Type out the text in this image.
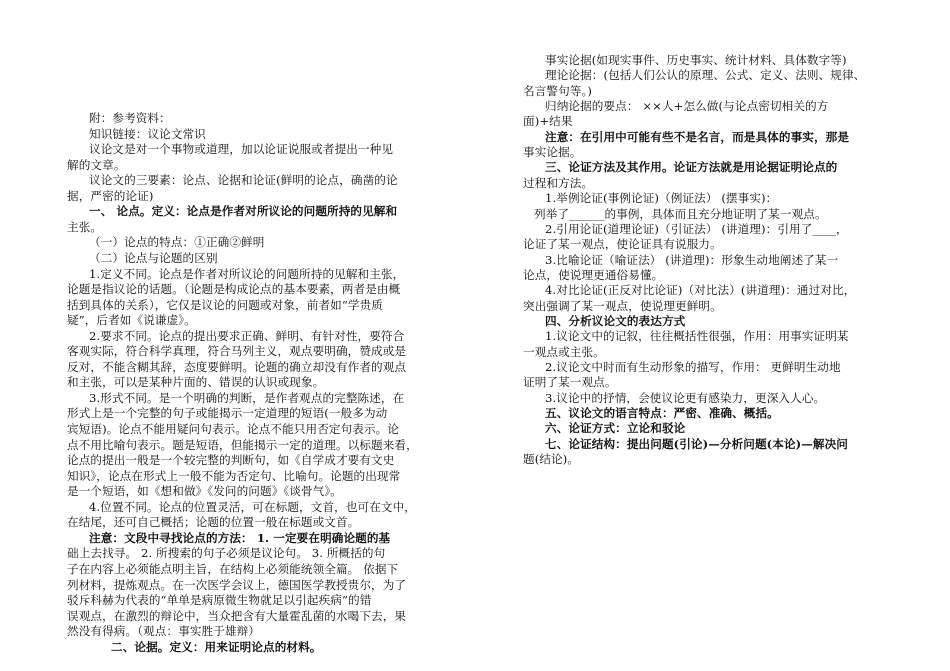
附：参考资料：
知识链接：议论文常识
议论文是对一个事物或道理，加以论证说服或者提出一种见
解的文章。
议论文的三要素：论点、论据和论证(鲜明的论点，确凿的论
据，严密的论证)
一、 论点。定义：论点是作者对所议论的问题所持的见解和
主张。
（一）论点的特点：①正确②鲜明
（二）论点与论题的区别
1.定义不同。论点是作者对所议论的问题所持的见解和主张，
论题是指议论的话题。（论题是构成论点的基本要素，两者是由概
括到具体的关系），它仅是议论的问题或对象，前者如“学贵质
疑”，后者如《说谦虚》。
2.要求不同。论点的提出要求正确、鲜明、有针对性，要符合
客观实际，符合科学真理，符合马列主义，观点要明确，赞成或是
反对，不能含糊其辞，态度要鲜明。论题的确立却没有作者的观点
和主张，可以是某种片面的、错误的认识或现象。
3.形式不同。是一个明确的判断，是作者观点的完整陈述，在
形式上是一个完整的句子或能揭示一定道理的短语(一般多为动
宾短语)。论点不能用疑问句表示。论点不能只用否定句表示。论
点不用比喻句表示。题是短语，但能揭示一定的道理。以标题来看，
论点的提出一般是一个较完整的判断句，如《自学成才要有文史
知识》，论点在形式上一般不能为否定句、比喻句。论题的出现常
是一个短语，如《想和做》《发问的问题》《谈骨气》。
4.位置不同。论点的位置灵活，可在标题，文首，也可在文中，
在结尾，还可自己概括；论题的位置一般在标题或文首。
注意：文段中寻找论点的方法： 1. 一定要在明确论题的基
础上去找寻。 2. 所搜索的句子必须是议论句。 3. 所概括的句
子在内容上必须能点明主旨，在结构上必须能统领全篇。 依据下
列材料，提炼观点。在一次医学会议上，德国医学教授贵尔，为了
驳斥科赫为代表的“单单是病原微生物就足以引起疾病”的错
误观点，在激烈的辩论中，当众把含有大量霍乱菌的水喝下去，果
然没有得病。（观点：事实胜于雄辩）
二、论据。定义：用来证明论点的材料。
事实论据(如现实事件、历史事实、统计材料、具体数字等)
理论论据：(包括人们公认的原理、公式、定义、法则、规律、
名言警句等。)
归纳论据的要点： ××人+怎么做(与论点密切相关的方
面)+结果
注意：在引用中可能有些不是名言，而是具体的事实，那是
事实论据。
三、论证方法及其作用。论证方法就是用论据证明论点的
过程和方法。
1.举例论证(事例论证)（例证法） (摆事实)：
列举了______的事例，具体而且充分地证明了某一观点。
2.引用论证(道理论证)（引证法） (讲道理)：引用了____，
论证了某一观点，使论证具有说服力。
3.比喻论证（喻证法） (讲道理)：形象生动地阐述了某一
论点，使说理更通俗易懂。
4.对比论证(正反对比论证)（对比法）(讲道理)：通过对比，
突出强调了某一观点，使说理更鲜明。
四、分析议论文的表达方式
1.议论文中的记叙，往往概括性很强，作用：用事实证明某
一观点或主张。
2.议论文中时而有生动形象的描写，作用： 更鲜明生动地
证明了某一观点。
3.议论中的抒情，会使议论更有感染力，更深入人心。
五、议论文的语言特点：严密、准确、概括。
六、论证方式：立论和驳论
七、论证结构：提出问题(引论)—分析问题(本论)—解决问
题(结论)。
